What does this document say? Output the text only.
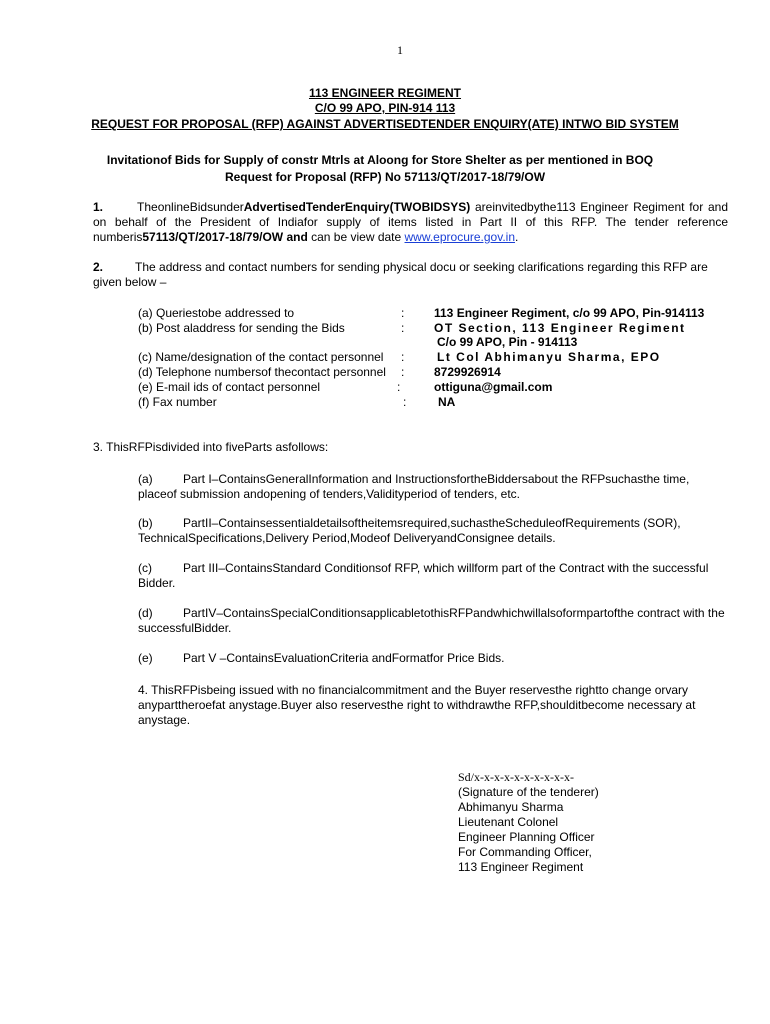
1
113 ENGINEER REGIMENT
C/O 99 APO, PIN-914 113
REQUEST FOR PROPOSAL (RFP) AGAINST ADVERTISEDTENDER ENQUIRY(ATE) INTWO BID SYSTEM
Invitationof Bids for Supply of constr Mtrls at Aloong for Store Shelter as per mentioned in BOQ
Request for Proposal (RFP) No 57113/QT/2017-18/79/OW
1.	TheonlineBidsunderAdvertisedTenderEnquiry(TWOBIDSYS) areinvitedbythe113 Engineer Regiment for and on behalf of the President of Indiafor supply of items listed in Part II of this RFP. The tender reference numberis57113/QT/2017-18/79/OW and can be view date www.eprocure.gov.in.
2.	The address and contact numbers for sending physical docu or seeking clarifications regarding this RFP are given below –
(a) Queriestobe addressed to	: 113 Engineer Regiment, c/o 99 APO, Pin-914113
(b) Post aladdress for sending the Bids	: OT Section, 113 Engineer Regiment
C/o 99 APO, Pin - 914113
(c) Name/designation of the contact personnel :	Lt Col Abhimanyu Sharma, EPO
(d) Telephone numbersof thecontact personnel : 8729926914
(e) E-mail ids of contact personnel	:	ottiguna@gmail.com
(f) Fax number	:	NA
3. ThisRFPisdivided into fiveParts asfollows:
(a)	Part I–ContainsGeneralInformation and InstructionsfortheBiddersabout the RFPsuchasthe time, placeof submission andopening of tenders,Validityperiod of tenders, etc.
(b)	PartII–Containsessentialdetailsoftheitemsrequired,suchastheScheduleofRequirements (SOR), TechnicalSpecifications,Delivery Period,Modeof DeliveryandConsignee details.
(c)	Part III–ContainsStandard Conditionsof RFP, which willform part of the Contract with the successful Bidder.
(d)	PartIV–ContainsSpecialConditionsapplicabletothisRFPandwhichwillalsoformpartofthe contract with the successfulBidder.
(e)	Part V –ContainsEvaluationCriteria andFormatfor Price Bids.
4. ThisRFPisbeing issued with no financialcommitment and the Buyer reservesthe rightto change orvary anyparttheroefat anystage.Buyer also reservesthe right to withdrawthe RFP,shoulditbecome necessary at anystage.
Sd/x-x-x-x-x-x-x-x-x-x-
(Signature of the tenderer)
Abhimanyu Sharma
Lieutenant Colonel
Engineer Planning Officer
For Commanding Officer,
113 Engineer Regiment
